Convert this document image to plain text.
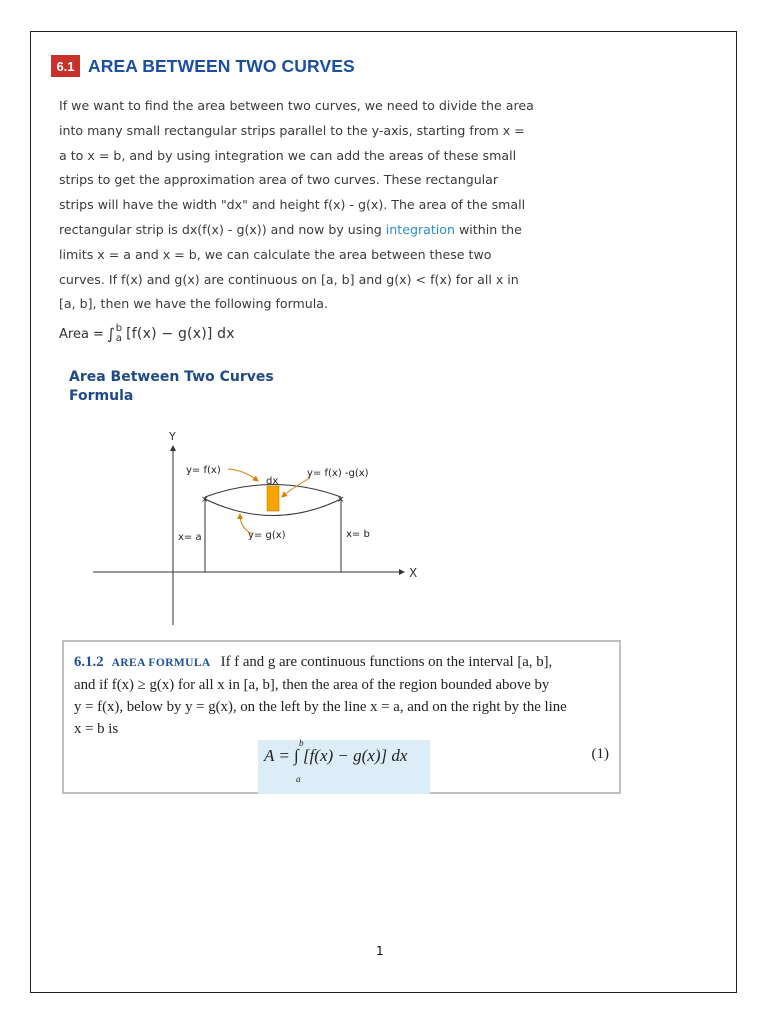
6.1 AREA BETWEEN TWO CURVES
If we want to find the area between two curves, we need to divide the area
into many small rectangular strips parallel to the y-axis, starting from x =
a to x = b, and by using integration we can add the areas of these small
strips to get the approximation area of two curves. These rectangular
strips will have the width "dx" and height f(x) - g(x). The area of the small
rectangular strip is dx(f(x) - g(x)) and now by using integration within the
limits x = a and x = b, we can calculate the area between these two
curves. If f(x) and g(x) are continuous on [a, b] and g(x) < f(x) for all x in
[a, b], then we have the following formula.
Area = ∫ b
a [f(x) − g(x)] dx
Area Between Two Curves
Formula
Y
X
×	×
y= f(x)
dx
y= f(x) -g(x)
y= g(x)
x= a	x= b
6.1.2 AREA FORMULA If f and g are continuous functions on the interval [a, b],
and if f(x) ≥ g(x) for all x in [a, b], then the area of the region bounded above by
y = f(x), below by y = g(x), on the left by the line x = a, and on the right by the line
x = b is
A = ∫ [f(x) − g(x)] dx
b
a
(1)
1
